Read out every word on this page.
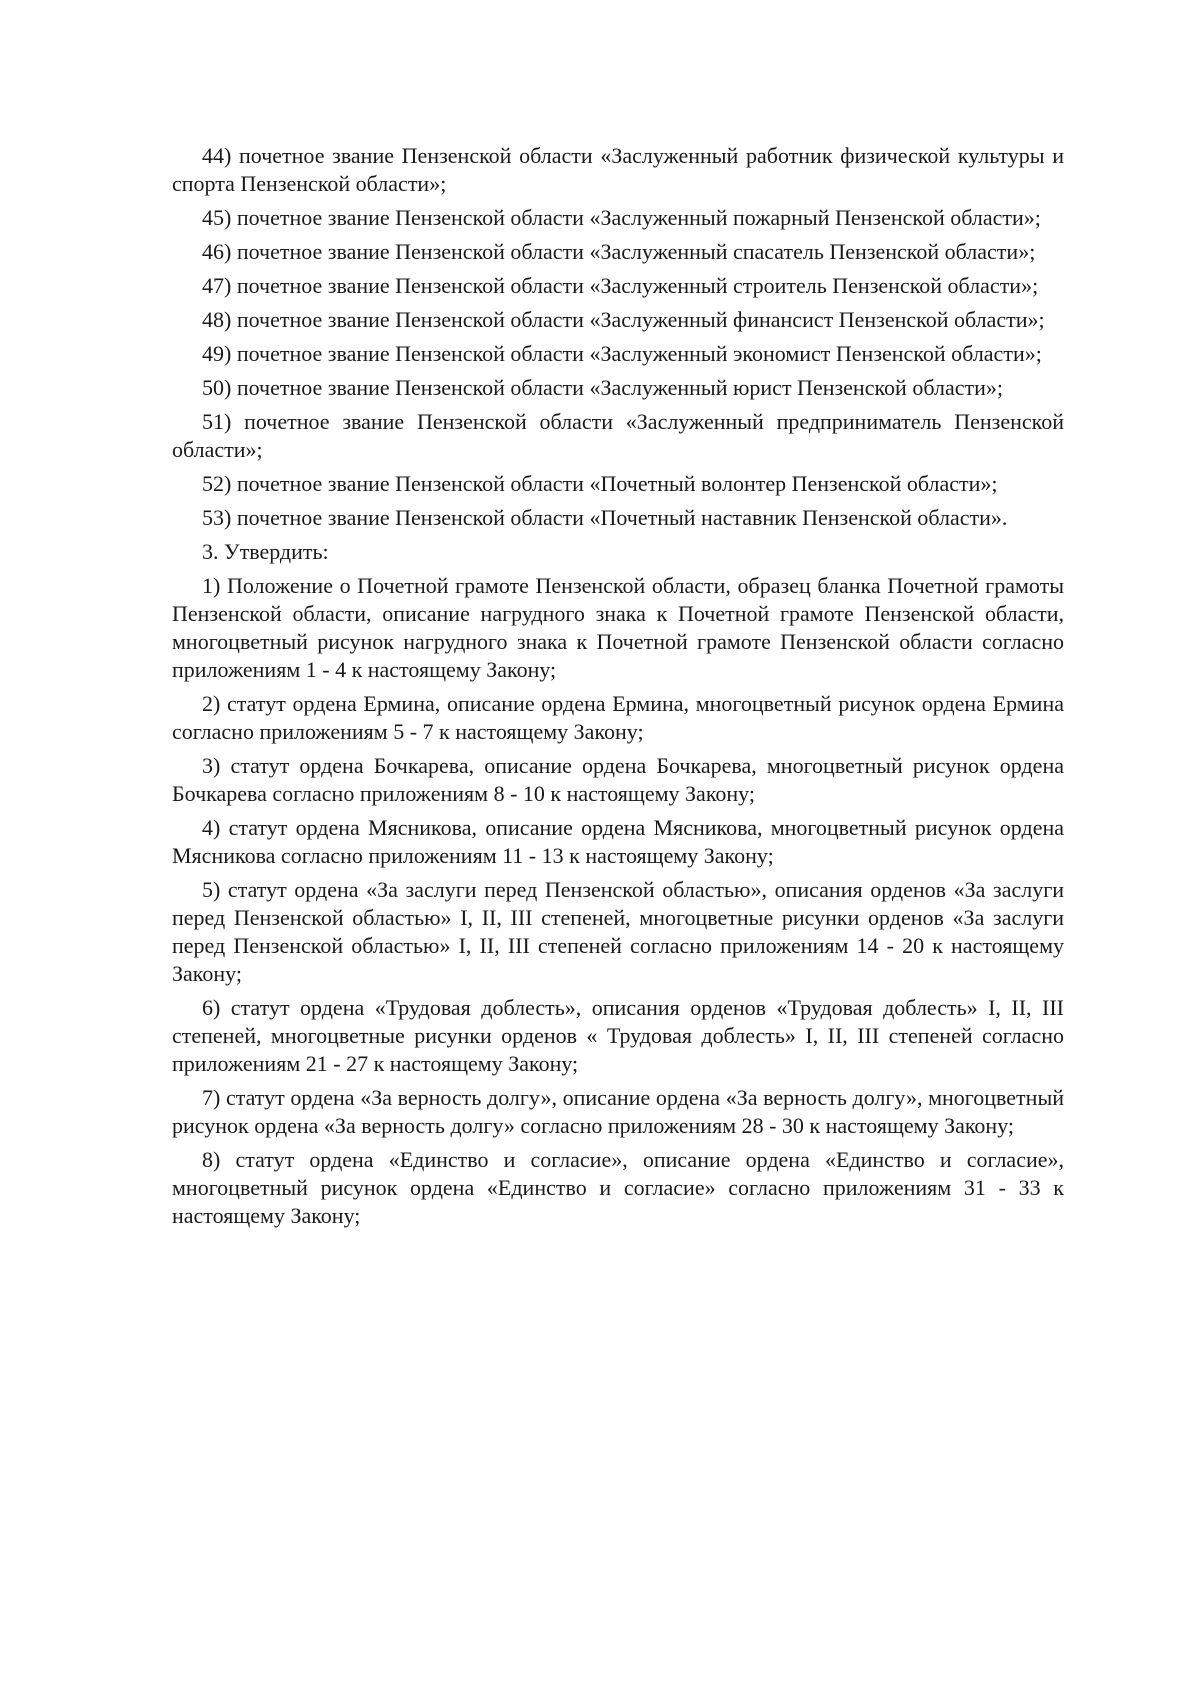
44) почетное звание Пензенской области «Заслуженный работник физической культуры и спорта Пензенской области»;

45) почетное звание Пензенской области «Заслуженный пожарный Пензенской области»;

46) почетное звание Пензенской области «Заслуженный спасатель Пензенской области»;

47) почетное звание Пензенской области «Заслуженный строитель Пензенской области»;

48) почетное звание Пензенской области «Заслуженный финансист Пензенской области»;

49) почетное звание Пензенской области «Заслуженный экономист Пензенской области»;

50) почетное звание Пензенской области «Заслуженный юрист Пензенской области»;

51) почетное звание Пензенской области «Заслуженный предприниматель Пензенской области»;

52) почетное звание Пензенской области «Почетный волонтер Пензенской области»;

53) почетное звание Пензенской области «Почетный наставник Пензенской области».

3. Утвердить:

1) Положение о Почетной грамоте Пензенской области, образец бланка Почетной грамоты Пензенской области, описание нагрудного знака к Почетной грамоте Пензенской области, многоцветный рисунок нагрудного знака к Почетной грамоте Пензенской области согласно приложениям 1 - 4 к настоящему Закону;

2) статут ордена Ермина, описание ордена Ермина, многоцветный рисунок ордена Ермина согласно приложениям 5 - 7 к настоящему Закону;

3) статут ордена Бочкарева, описание ордена Бочкарева, многоцветный рисунок ордена Бочкарева согласно приложениям 8 - 10 к настоящему Закону;

4) статут ордена Мясникова, описание ордена Мясникова, многоцветный рисунок ордена Мясникова согласно приложениям 11 - 13 к настоящему Закону;

5) статут ордена «За заслуги перед Пензенской областью», описания орденов «За заслуги перед Пензенской областью» I, II, III степеней, многоцветные рисунки орденов «За заслуги перед Пензенской областью» I, II, III степеней согласно приложениям 14 - 20 к настоящему Закону;

6) статут ордена «Трудовая доблесть», описания орденов «Трудовая доблесть» I, II, III степеней, многоцветные рисунки орденов « Трудовая доблесть» I, II, III степеней согласно приложениям 21 - 27 к настоящему Закону;

7) статут ордена «За верность долгу», описание ордена «За верность долгу», многоцветный рисунок ордена «За верность долгу» согласно приложениям 28 - 30 к настоящему Закону;

8) статут ордена «Единство и согласие», описание ордена «Единство и согласие», многоцветный рисунок ордена «Единство и согласие» согласно приложениям 31 - 33 к настоящему Закону;
